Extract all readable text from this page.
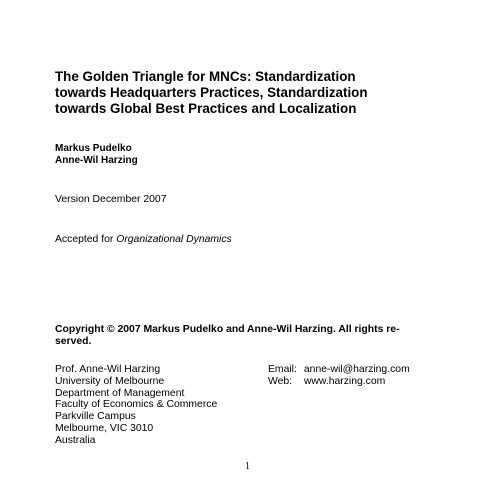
The Golden Triangle for MNCs: Standardization
towards Headquarters Practices, Standardization
towards Global Best Practices and Localization
Markus Pudelko
Anne-Wil Harzing
Version December 2007
Accepted for Organizational Dynamics
Copyright © 2007 Markus Pudelko and Anne-Wil Harzing. All rights re-
served.
Prof. Anne-Wil Harzing
University of Melbourne
Department of Management
Faculty of Economics & Commerce
Parkville Campus
Melbourne, VIC 3010
Australia
Email: anne-wil@harzing.com
Web: www.harzing.com
1
